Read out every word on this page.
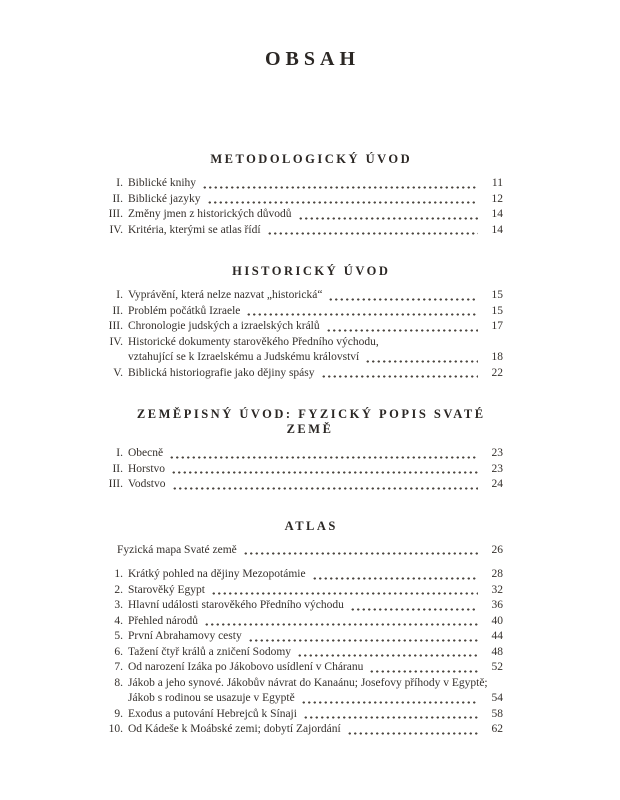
OBSAH
METODOLOGICKÝ ÚVOD
I. Biblické knihy	11
II. Biblické jazyky	12
III. Změny jmen z historických důvodů	14
IV. Kritéria, kterými se atlas řídí	14
HISTORICKÝ ÚVOD
I. Vyprávění, která nelze nazvat „historická“	15
II. Problém počátků Izraele	15
III. Chronologie judských a izraelských králů	17
IV. Historické dokumenty starověkého Předního východu,
vztahující se k Izraelskému a Judskému království	18
V. Biblická historiografie jako dějiny spásy	22
ZEMĚPISNÝ ÚVOD: FYZICKÝ POPIS SVATÉ ZEMĚ
I. Obecně	23
II. Horstvo	23
III. Vodstvo	24
ATLAS
Fyzická mapa Svaté země	26
1. Krátký pohled na dějiny Mezopotámie	28
2. Starověký Egypt	32
3. Hlavní události starověkého Předního východu	36
4. Přehled národů	40
5. První Abrahamovy cesty	44
6. Tažení čtyř králů a zničení Sodomy	48
7. Od narození Izáka po Jákobovo usídlení v Cháranu	52
8. Jákob a jeho synové. Jákobův návrat do Kanaánu; Josefovy příhody v Egyptě;
Jákob s rodinou se usazuje v Egyptě	54
9. Exodus a putování Hebrejců k Sínaji	58
10. Od Kádeše k Moábské zemi; dobytí Zajordání	62
